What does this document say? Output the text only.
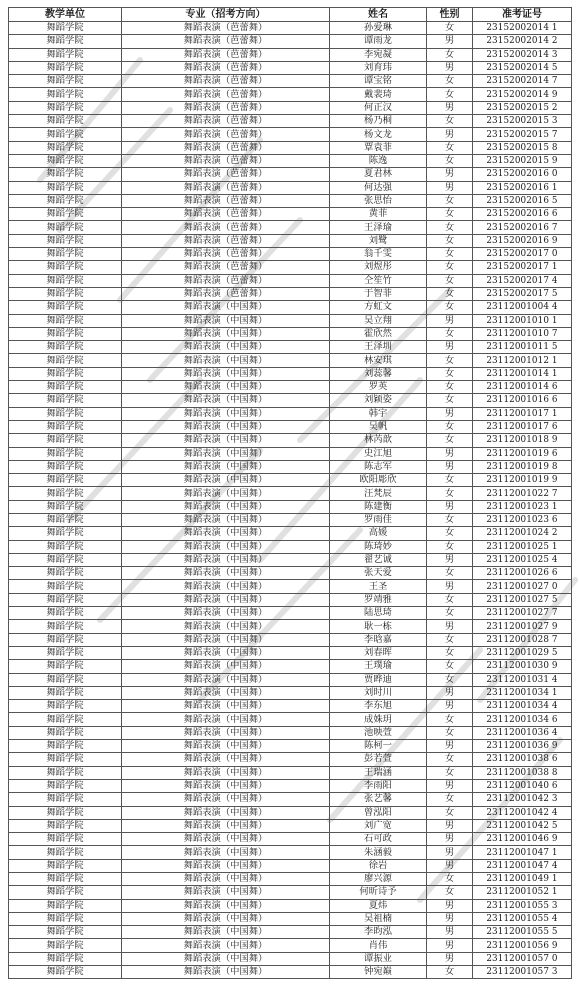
教学单位	专业（招考方向）	姓名	性别	准考证号
舞蹈学院	舞蹈表演（芭蕾舞）	孙爱琳	女	23152002014 1
舞蹈学院	舞蹈表演（芭蕾舞）	谭雨龙	男	23152002014 2
舞蹈学院	舞蹈表演（芭蕾舞）	李宛凝	女	23152002014 3
舞蹈学院	舞蹈表演（芭蕾舞）	刘育玮	男	23152002014 5
舞蹈学院	舞蹈表演（芭蕾舞）	谭宝铭	女	23152002014 7
舞蹈学院	舞蹈表演（芭蕾舞）	戴裴琦	女	23152002014 9
舞蹈学院	舞蹈表演（芭蕾舞）	何正汉	男	23152002015 2
舞蹈学院	舞蹈表演（芭蕾舞）	杨乃桐	女	23152002015 3
舞蹈学院	舞蹈表演（芭蕾舞）	杨文龙	男	23152002015 7
舞蹈学院	舞蹈表演（芭蕾舞）	覃袁菲	女	23152002015 8
舞蹈学院	舞蹈表演（芭蕾舞）	陈逸	女	23152002015 9
舞蹈学院	舞蹈表演（芭蕾舞）	夏君林	男	23152002016 0
舞蹈学院	舞蹈表演（芭蕾舞）	何达强	男	23152002016 1
舞蹈学院	舞蹈表演（芭蕾舞）	张思怡	女	23152002016 5
舞蹈学院	舞蹈表演（芭蕾舞）	黄菲	女	23152002016 6
舞蹈学院	舞蹈表演（芭蕾舞）	王泽瑜	女	23152002016 7
舞蹈学院	舞蹈表演（芭蕾舞）	刘鹭	女	23152002016 9
舞蹈学院	舞蹈表演（芭蕾舞）	翁千雯	女	23152002017 0
舞蹈学院	舞蹈表演（芭蕾舞）	刘煜彤	女	23152002017 1
舞蹈学院	舞蹈表演（芭蕾舞）	仝笙竹	女	23152002017 4
舞蹈学院	舞蹈表演（芭蕾舞）	于智菲	女	23152002017 5
舞蹈学院	舞蹈表演（中国舞）	方虹文	女	23112001004 4
舞蹈学院	舞蹈表演（中国舞）	吴立翔	男	23112001010 1
舞蹈学院	舞蹈表演（中国舞）	霍欣然	女	23112001010 7
舞蹈学院	舞蹈表演（中国舞）	王泽圳	男	23112001011 5
舞蹈学院	舞蹈表演（中国舞）	林安琪	女	23112001012 1
舞蹈学院	舞蹈表演（中国舞）	刘蕊馨	女	23112001014 1
舞蹈学院	舞蹈表演（中国舞）	罗英	女	23112001014 6
舞蹈学院	舞蹈表演（中国舞）	刘颖姿	女	23112001016 6
舞蹈学院	舞蹈表演（中国舞）	韩宇	男	23112001017 1
舞蹈学院	舞蹈表演（中国舞）	吴帆	女	23112001017 6
舞蹈学院	舞蹈表演（中国舞）	林芮歆	女	23112001018 9
舞蹈学院	舞蹈表演（中国舞）	史江旭	男	23112001019 6
舞蹈学院	舞蹈表演（中国舞）	陈志军	男	23112001019 8
舞蹈学院	舞蹈表演（中国舞）	欧阳彫欣	女	23112001019 9
舞蹈学院	舞蹈表演（中国舞）	汪梵辰	女	23112001022 7
舞蹈学院	舞蹈表演（中国舞）	陈建衡	男	23112001023 1
舞蹈学院	舞蹈表演（中国舞）	罗雨佳	女	23112001023 6
舞蹈学院	舞蹈表演（中国舞）	高媛	女	23112001024 2
舞蹈学院	舞蹈表演（中国舞）	陈琦妙	女	23112001025 1
舞蹈学院	舞蹈表演（中国舞）	翟艺诚	男	23112001025 4
舞蹈学院	舞蹈表演（中国舞）	张天爱	女	23112001026 6
舞蹈学院	舞蹈表演（中国舞）	王圣	男	23112001027 0
舞蹈学院	舞蹈表演（中国舞）	罗靖雅	女	23112001027 5
舞蹈学院	舞蹈表演（中国舞）	陆思琦	女	23112001027 7
舞蹈学院	舞蹈表演（中国舞）	耿一栋	男	23112001027 9
舞蹈学院	舞蹈表演（中国舞）	李晗嘉	女	23112001028 7
舞蹈学院	舞蹈表演（中国舞）	刘春晖	女	23112001029 5
舞蹈学院	舞蹈表演（中国舞）	王璞瑜	女	23112001030 9
舞蹈学院	舞蹈表演（中国舞）	贾晔迪	女	23112001031 4
舞蹈学院	舞蹈表演（中国舞）	刘时川	男	23112001034 1
舞蹈学院	舞蹈表演（中国舞）	李东旭	男	23112001034 4
舞蹈学院	舞蹈表演（中国舞）	成姝玥	女	23112001034 6
舞蹈学院	舞蹈表演（中国舞）	池映萱	女	23112001036 4
舞蹈学院	舞蹈表演（中国舞）	陈柯一	男	23112001036 9
舞蹈学院	舞蹈表演（中国舞）	彭若萱	女	23112001038 6
舞蹈学院	舞蹈表演（中国舞）	王瑞涵	女	23112001038 8
舞蹈学院	舞蹈表演（中国舞）	李雨阳	男	23112001040 6
舞蹈学院	舞蹈表演（中国舞）	张艺馨	女	23112001042 3
舞蹈学院	舞蹈表演（中国舞）	曾泓阳	女	23112001042 4
舞蹈学院	舞蹈表演（中国舞）	刘广宽	男	23112001042 5
舞蹈学院	舞蹈表演（中国舞）	石可政	男	23112001046 9
舞蹈学院	舞蹈表演（中国舞）	朱涵毅	男	23112001047 1
舞蹈学院	舞蹈表演（中国舞）	徐岩	男	23112001047 4
舞蹈学院	舞蹈表演（中国舞）	廖兴源	女	23112001049 1
舞蹈学院	舞蹈表演（中国舞）	何昕诗予	女	23112001052 1
舞蹈学院	舞蹈表演（中国舞）	夏炜	男	23112001055 3
舞蹈学院	舞蹈表演（中国舞）	吴祖楠	男	23112001055 4
舞蹈学院	舞蹈表演（中国舞）	李昀泓	男	23112001055 5
舞蹈学院	舞蹈表演（中国舞）	肖伟	男	23112001056 9
舞蹈学院	舞蹈表演（中国舞）	谭振业	男	23112001057 0
舞蹈学院	舞蹈表演（中国舞）	钟宛巅	女	23112001057 3
